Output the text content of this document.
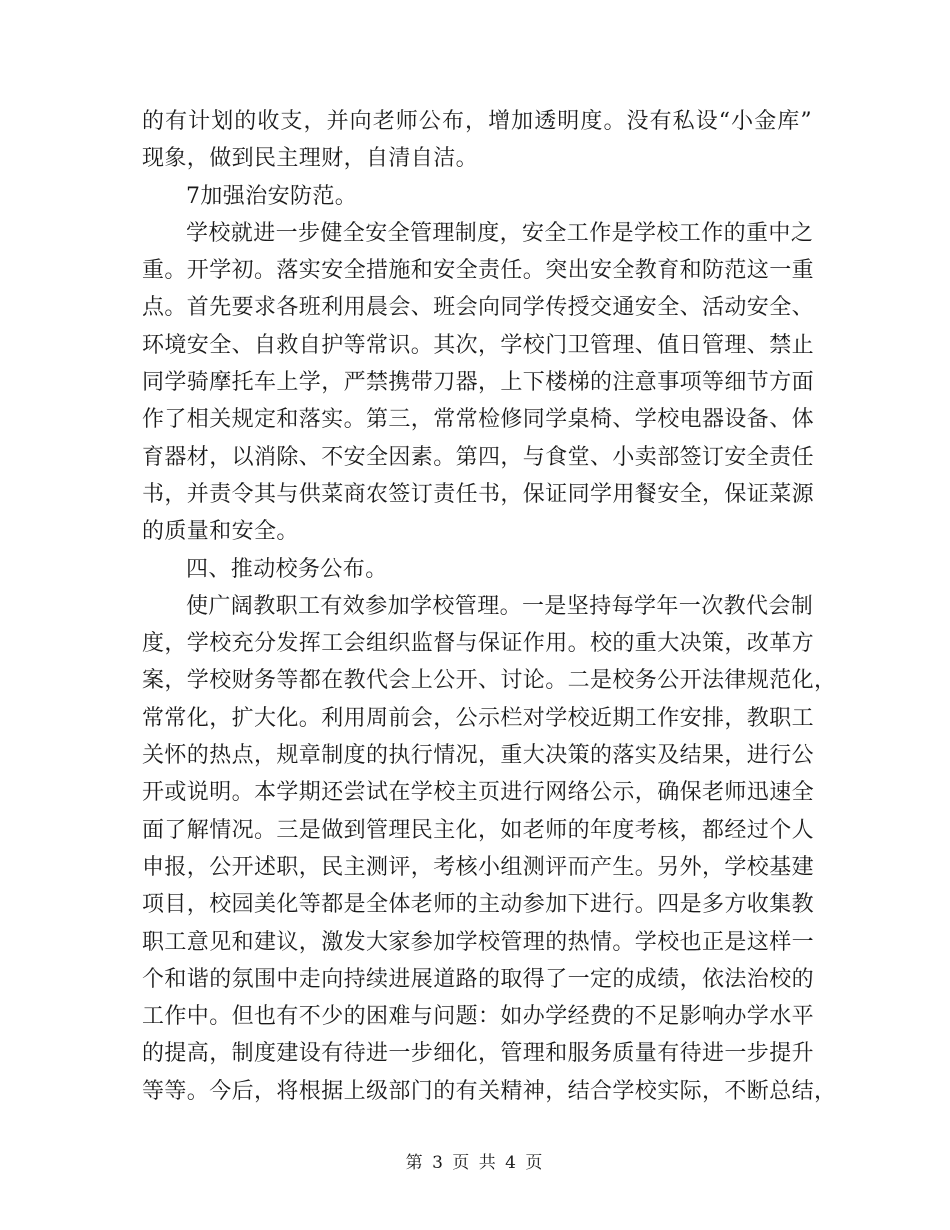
的有计划的收支，并向老师公布，增加透明度。没有私设“小金库”
现象，做到民主理财，自清自洁。
7加强治安防范。
学校就进一步健全安全管理制度，安全工作是学校工作的重中之
重。开学初。落实安全措施和安全责任。突出安全教育和防范这一重
点。首先要求各班利用晨会、班会向同学传授交通安全、活动安全、
环境安全、自救自护等常识。其次，学校门卫管理、值日管理、禁止
同学骑摩托车上学，严禁携带刀器，上下楼梯的注意事项等细节方面
作了相关规定和落实。第三，常常检修同学桌椅、学校电器设备、体
育器材，以消除、不安全因素。第四，与食堂、小卖部签订安全责任
书，并责令其与供菜商农签订责任书，保证同学用餐安全，保证菜源
的质量和安全。
四、推动校务公布。
使广阔教职工有效参加学校管理。一是坚持每学年一次教代会制
度，学校充分发挥工会组织监督与保证作用。校的重大决策，改革方
案，学校财务等都在教代会上公开、讨论。二是校务公开法律规范化，
常常化，扩大化。利用周前会，公示栏对学校近期工作安排，教职工
关怀的热点，规章制度的执行情况，重大决策的落实及结果，进行公
开或说明。本学期还尝试在学校主页进行网络公示，确保老师迅速全
面了解情况。三是做到管理民主化，如老师的年度考核，都经过个人
申报，公开述职，民主测评，考核小组测评而产生。另外，学校基建
项目，校园美化等都是全体老师的主动参加下进行。四是多方收集教
职工意见和建议，激发大家参加学校管理的热情。学校也正是这样一
个和谐的氛围中走向持续进展道路的取得了一定的成绩，依法治校的
工作中。但也有不少的困难与问题：如办学经费的不足影响办学水平
的提高，制度建设有待进一步细化，管理和服务质量有待进一步提升
等等。今后，将根据上级部门的有关精神，结合学校实际，不断总结，
第 3 页 共 4 页
